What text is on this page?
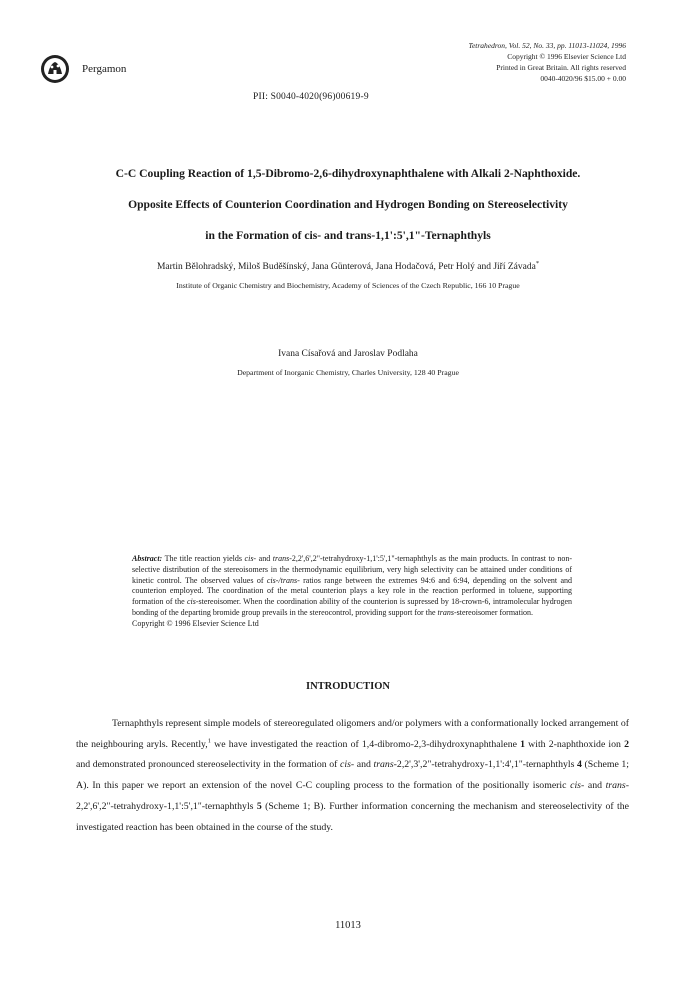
Pergamon
Tetrahedron, Vol. 52, No. 33, pp. 11013-11024, 1996
Copyright © 1996 Elsevier Science Ltd
Printed in Great Britain. All rights reserved
0040-4020/96 $15.00 + 0.00
PII: S0040-4020(96)00619-9
C-C Coupling Reaction of 1,5-Dibromo-2,6-dihydroxynaphthalene with Alkali 2-Naphthoxide.
Opposite Effects of Counterion Coordination and Hydrogen Bonding on Stereoselectivity
in the Formation of cis- and trans-1,1':5',1"-Ternaphthyls
Martin Bělohradský, Miloš Buděšínský, Jana Günterová, Jana Hodačová, Petr Holý and Jiří Závada*
Institute of Organic Chemistry and Biochemistry, Academy of Sciences of the Czech Republic, 166 10 Prague
Ivana Císařová and Jaroslav Podlaha
Department of Inorganic Chemistry, Charles University, 128 40 Prague
Abstract: The title reaction yields cis- and trans-2,2',6',2"-tetrahydroxy-1,1':5',1"-ternaphthyls as the main products. In contrast to non-selective distribution of the stereoisomers in the thermodynamic equilibrium, very high selectivity can be attained under conditions of kinetic control. The observed values of cis-/trans- ratios range between the extremes 94:6 and 6:94, depending on the solvent and counterion employed. The coordination of the metal counterion plays a key role in the reaction performed in toluene, supporting formation of the cis-stereoisomer. When the coordination ability of the counterion is supressed by 18-crown-6, intramolecular hydrogen bonding of the departing bromide group prevails in the stereocontrol, providing support for the trans-stereoisomer formation.
Copyright © 1996 Elsevier Science Ltd
INTRODUCTION

Ternaphthyls represent simple models of stereoregulated oligomers and/or polymers with a conformationally locked arrangement of the neighbouring aryls. Recently,$^1$ we have investigated the reaction of 1,4-dibromo-2,3-dihydroxynaphthalene 1 with 2-naphthoxide ion 2 and demonstrated pronounced stereoselectivity in the formation of cis- and trans-2,2',3',2"-tetrahydroxy-1,1':4',1"-ternaphthyls 4 (Scheme 1; A). In this paper we report an extension of the novel C-C coupling process to the formation of the positionally isomeric cis- and trans-2,2',6',2"-tetrahydroxy-1,1':5',1"-ternaphthyls 5 (Scheme 1; B). Further information concerning the mechanism and stereoselectivity of the investigated reaction has been obtained in the course of the study.

11013
